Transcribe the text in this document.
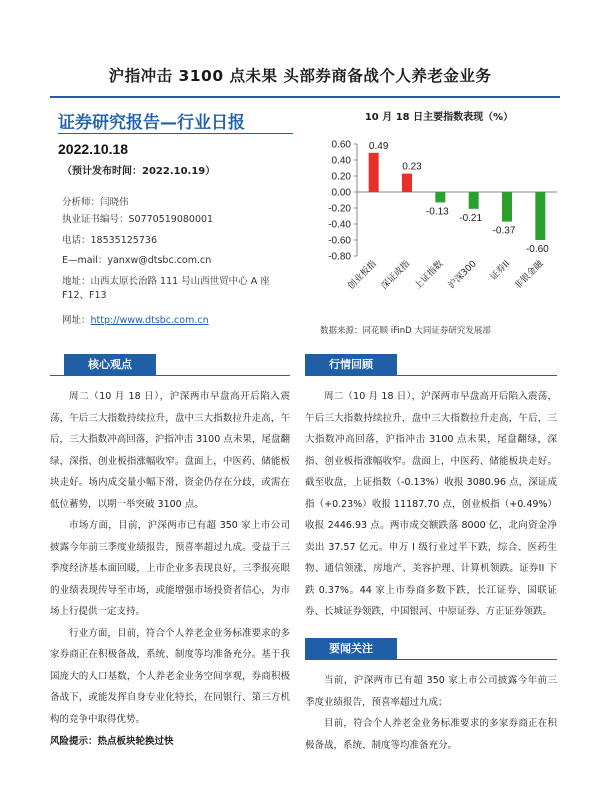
沪指冲击 3100 点未果 头部券商备战个人养老金业务
证券研究报告—行业日报
2022.10.18
（预计发布时间：2022.10.19）
分析师：闫晓伟
执业证书编号：S0770519080001
电话：18535125736
E—mail：yanxw@dtsbc.com.cn
地址：山西太原长治路 111 号山西世贸中心 A 座 F12、F13
网址：http://www.dtsbc.com.cn
10 月 18 日主要指数表现（%）
0.60
0.40
0.20
0.00
-0.20
-0.40
-0.60
-0.80
0.49
创业板指
0.23
深证成指
-0.13
上证指数
-0.21
沪深300
-0.37
证券II
-0.60
非银金融
数据来源：同花顺 iFinD 大同证券研究发展部
核心观点

周二（10 月 18 日），沪深两市早盘高开后陷入震荡，午后三大指数持续拉升，盘中三大指数拉升走高，午后，三大指数冲高回落，沪指冲击 3100 点未果，尾盘翻绿，深指、创业板指涨幅收窄。盘面上，中医药、储能板块走好。场内成交量小幅下滑，资金仍存在分歧，或需在低位蓄势，以期一举突破 3100 点。

市场方面，目前，沪深两市已有超 350 家上市公司披露今年前三季度业绩报告，预喜率超过九成。受益于三季度经济基本面回暖，上市企业多表现良好，三季报亮眼的业绩表现传导至市场，或能增强市场投资者信心，为市场上行提供一定支持。

行业方面，目前，符合个人养老金业务标准要求的多家券商正在积极备战，系统、制度等均准备充分。基于我国庞大的人口基数，个人养老金业务空间享观，券商积极备战下，或能发挥自身专业化特长，在同银行、第三方机构的竞争中取得优势。

风险提示：热点板块轮换过快
行情回顾

周二（10 月 18 日），沪深两市早盘高开后陷入震荡，午后三大指数持续拉升，盘中三大指数拉升走高，午后，三大指数冲高回落，沪指冲击 3100 点未果，尾盘翻绿，深指、创业板指涨幅收窄。盘面上，中医药、储能板块走好。截至收盘，上证指数（-0.13%）收报 3080.96 点，深证成指（+0.23%）收报 11187.70 点，创业板指（+0.49%）收报 2446.93 点。两市成交额跌落 8000 亿，北向资金净卖出 37.57 亿元。申万 I 级行业过半下跌，综合、医药生物、通信领涨，房地产、美容护理、计算机领跌。证券II 下跌 0.37%。44 家上市券商多数下跌，长江证券、国联证券、长城证券领跌，中国银河、中原证券、方正证券领跌。

要闻关注

当前，沪深两市已有超 350 家上市公司披露今年前三季度业绩报告，预喜率超过九成；

目前，符合个人养老金业务标准要求的多家券商正在积极备战，系统、制度等均准备充分。
